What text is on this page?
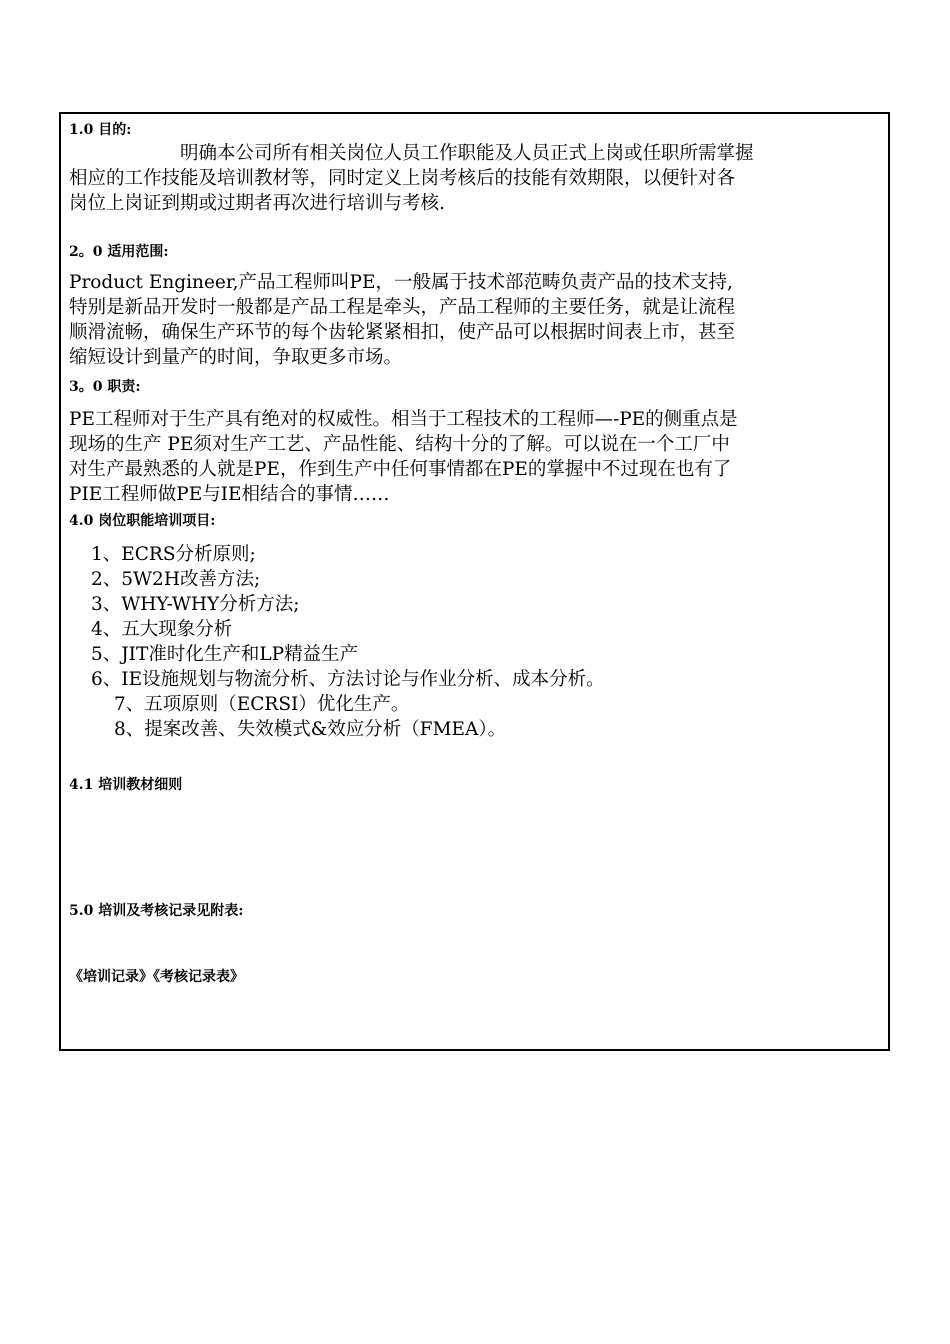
1.0 目的:
明确本公司所有相关岗位人员工作职能及人员正式上岗或任职所需掌握
相应的工作技能及培训教材等，同时定义上岗考核后的技能有效期限，以便针对各
岗位上岗证到期或过期者再次进行培训与考核.
2。0 适用范围:
Product Engineer,产品工程师叫PE，一般属于技术部范畴负责产品的技术支持,
特别是新品开发时一般都是产品工程是牵头，产品工程师的主要任务，就是让流程
顺滑流畅，确保生产环节的每个齿轮紧紧相扣，使产品可以根据时间表上市，甚至
缩短设计到量产的时间，争取更多市场。
3。0 职责:
PE工程师对于生产具有绝对的权威性。相当于工程技术的工程师—-PE的侧重点是
现场的生产 PE须对生产工艺、产品性能、结构十分的了解。可以说在一个工厂中
对生产最熟悉的人就是PE，作到生产中任何事情都在PE的掌握中不过现在也有了
PIE工程师做PE与IE相结合的事情……
4.0 岗位职能培训项目:
1、ECRS分析原则;
2、5W2H改善方法;
3、WHY-WHY分析方法;
4、五大现象分析
5、JIT准时化生产和LP精益生产
6、IE设施规划与物流分析、方法讨论与作业分析、成本分析。
7、五项原则（ECRSI）优化生产。
8、提案改善、失效模式&效应分析（FMEA）。
4.1 培训教材细则
5.0 培训及考核记录见附表:
《培训记录》《考核记录表》
